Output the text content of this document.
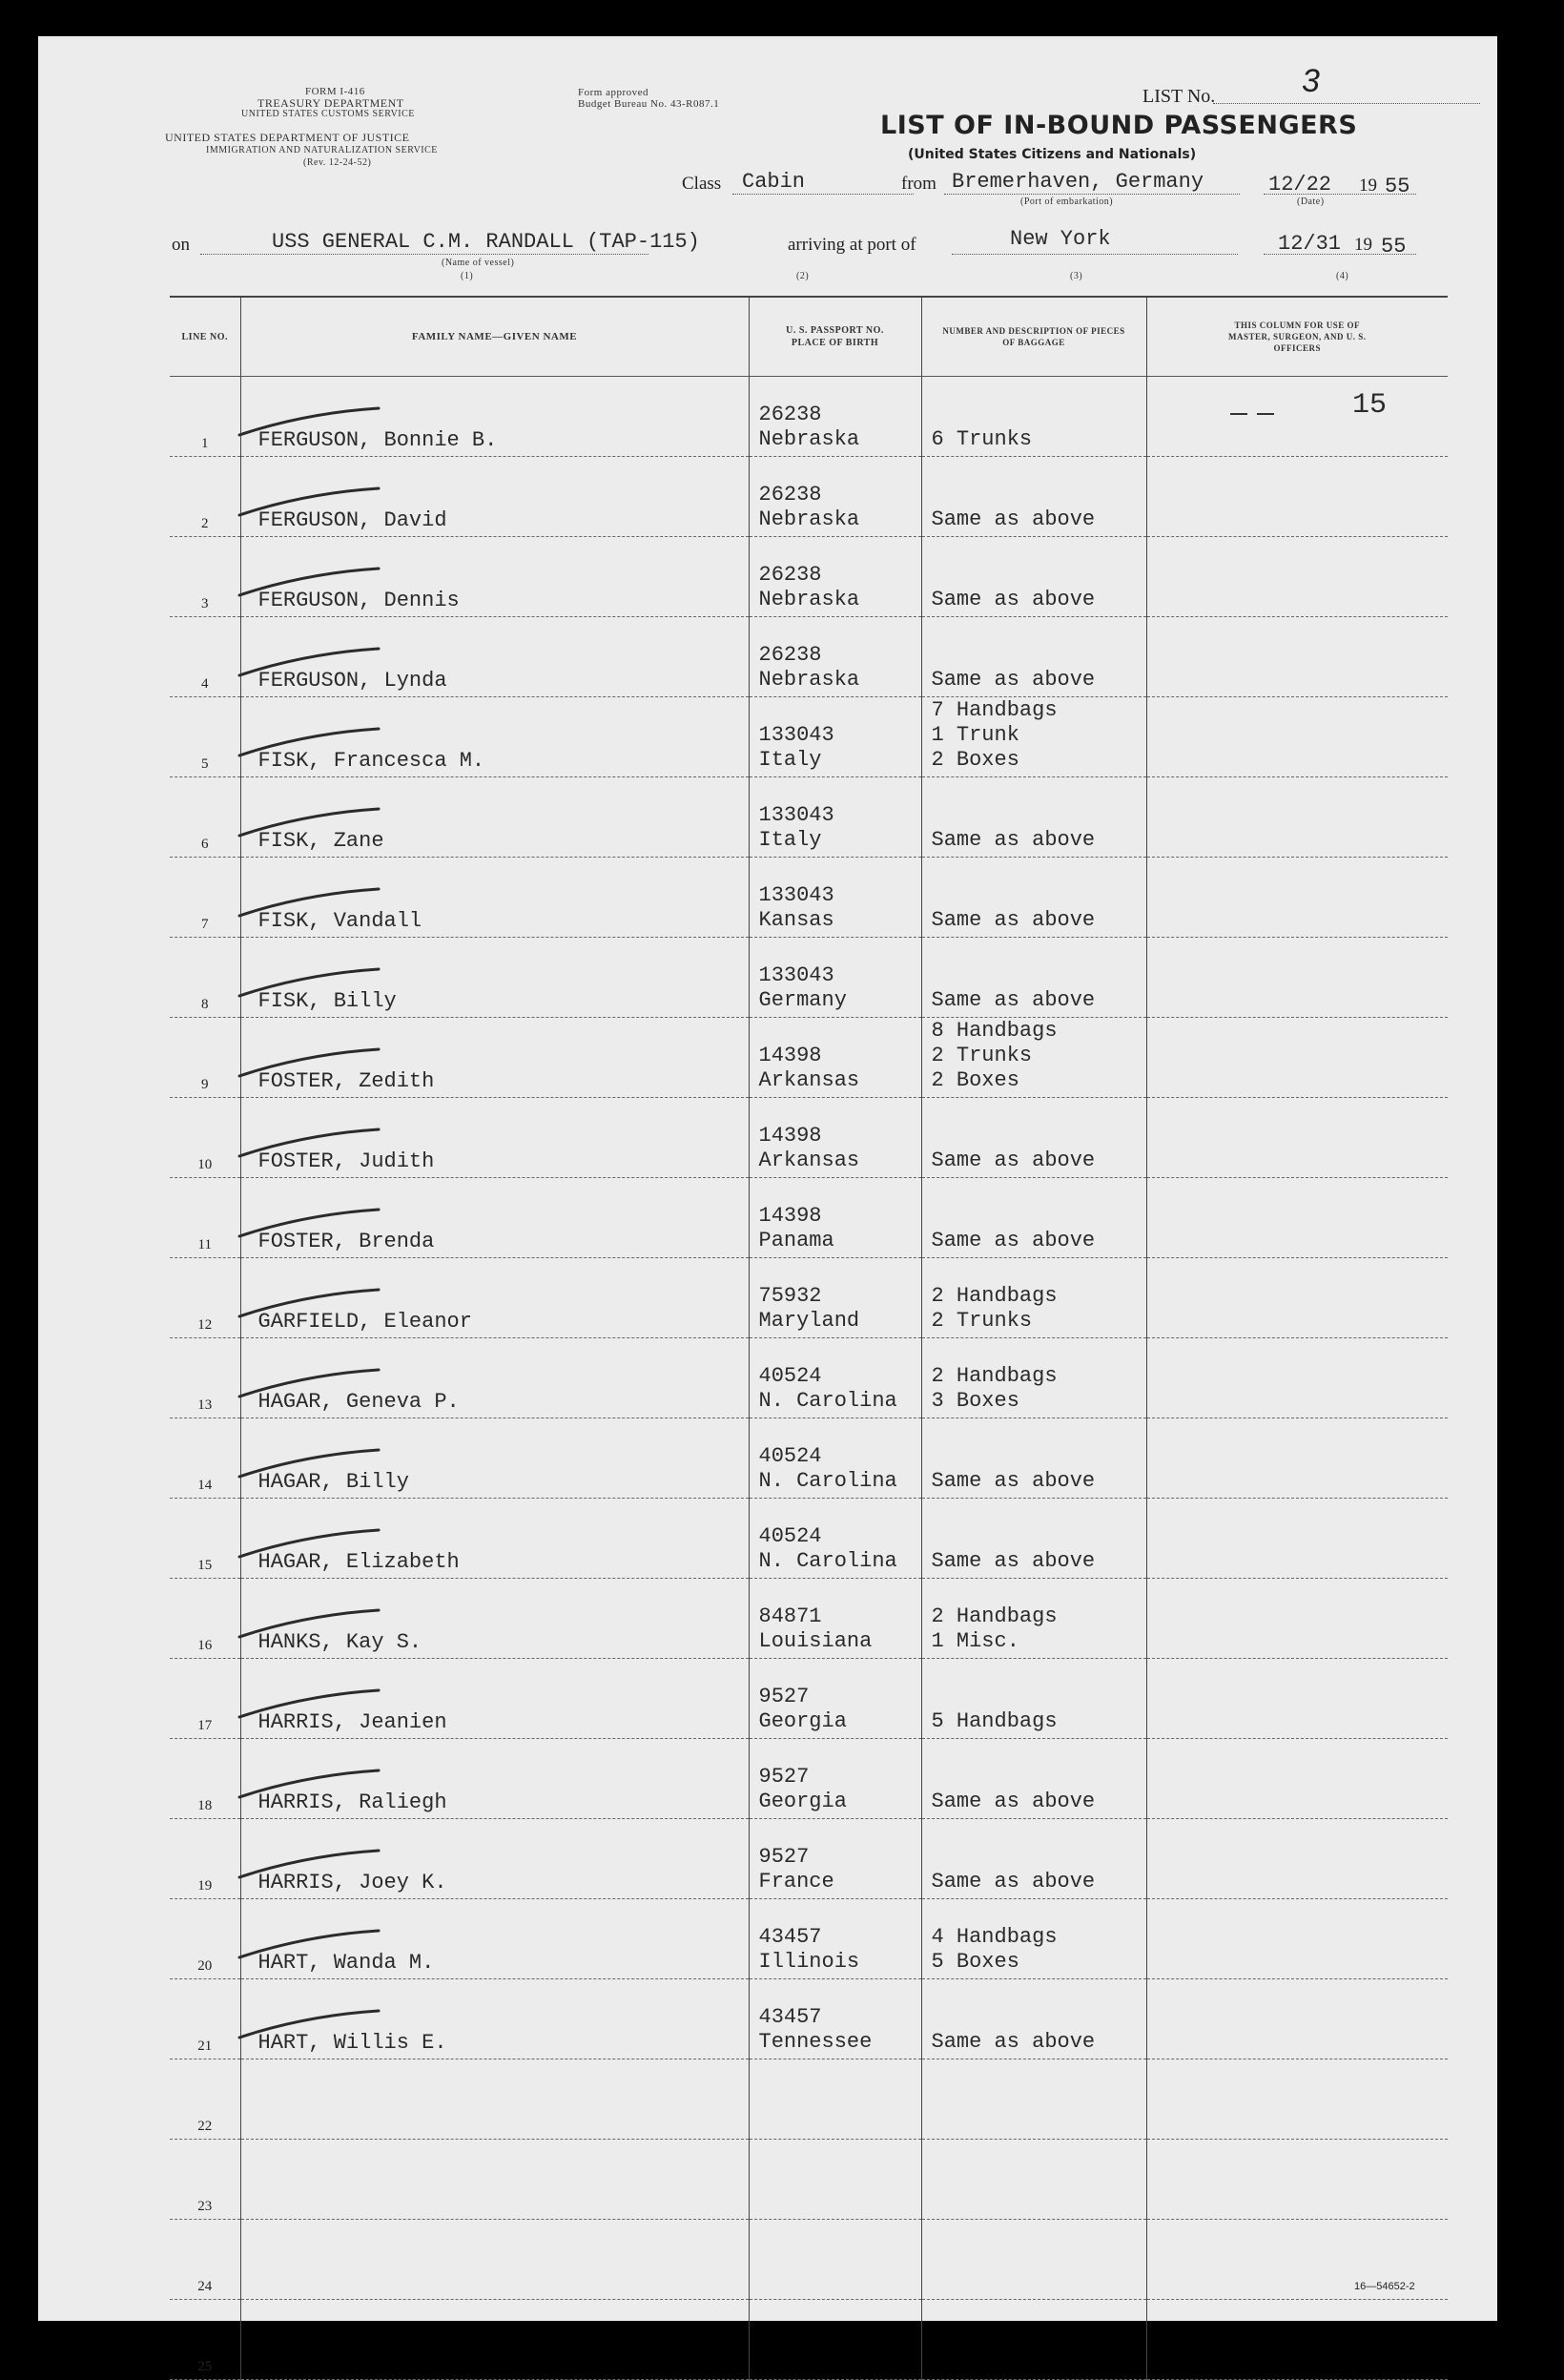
FORM I-416
TREASURY DEPARTMENT
UNITED STATES CUSTOMS SERVICE
UNITED STATES DEPARTMENT OF JUSTICE
IMMIGRATION AND NATURALIZATION SERVICE
(Rev. 12-24-52)
Form approved
Budget Bureau No. 43-R087.1	LIST No.	3
LIST OF IN-BOUND PASSENGERS
(United States Citizens and Nationals)
Class Cabin	from Bremerhaven, Germany
(Port of embarkation)
12/22 19 55
(Date)
on	USS GENERAL C.M. RANDALL (TAP-115)
(Name of vessel)
(1)
arriving at port of	New York
(2)	(3)
12/31 19 55
(4)
15
LINE NO.	FAMILY NAME—GIVEN NAME	U. S. PASSPORT NO. PLACE OF BIRTH	NUMBER AND DESCRIPTION OF PIECES OF BAGGAGE	THIS COLUMN FOR USE OF MASTER, SURGEON, AND U. S. OFFICERS
1	FERGUSON, Bonnie B.	26238
Nebraska	6 Trunks	

2	FERGUSON, David	26238
Nebraska	Same as above	

3	FERGUSON, Dennis	26238
Nebraska	Same as above	

4	FERGUSON, Lynda	26238
Nebraska	Same as above	

5	FISK, Francesca M.	133043
Italy	7 Handbags
1 Trunk
2 Boxes	

6	FISK, Zane	133043
Italy	Same as above	

7	FISK, Vandall	133043
Kansas	Same as above	

8	FISK, Billy	133043
Germany	Same as above	

9	FOSTER, Zedith	14398
Arkansas	8 Handbags
2 Trunks
2 Boxes	

10	FOSTER, Judith	14398
Arkansas	Same as above	

11	FOSTER, Brenda	14398
Panama	Same as above	

12	GARFIELD, Eleanor	75932
Maryland	2 Handbags
2 Trunks	

13	HAGAR, Geneva P.	40524
N. Carolina	2 Handbags
3 Boxes	

14	HAGAR, Billy	40524
N. Carolina	Same as above	

15	HAGAR, Elizabeth	40524
N. Carolina	Same as above	

16	HANKS, Kay S.	84871
Louisiana	2 Handbags
1 Misc.	

17	HARRIS, Jeanien	9527
Georgia	5 Handbags	

18	HARRIS, Raliegh	9527
Georgia	Same as above	

19	HARRIS, Joey K.	9527
France	Same as above	

20	HART, Wanda M.	43457
Illinois	4 Handbags
5 Boxes	

21	HART, Willis E.	43457
Tennessee	Same as above	

22		

23		

24		

25		

16—54652-2
